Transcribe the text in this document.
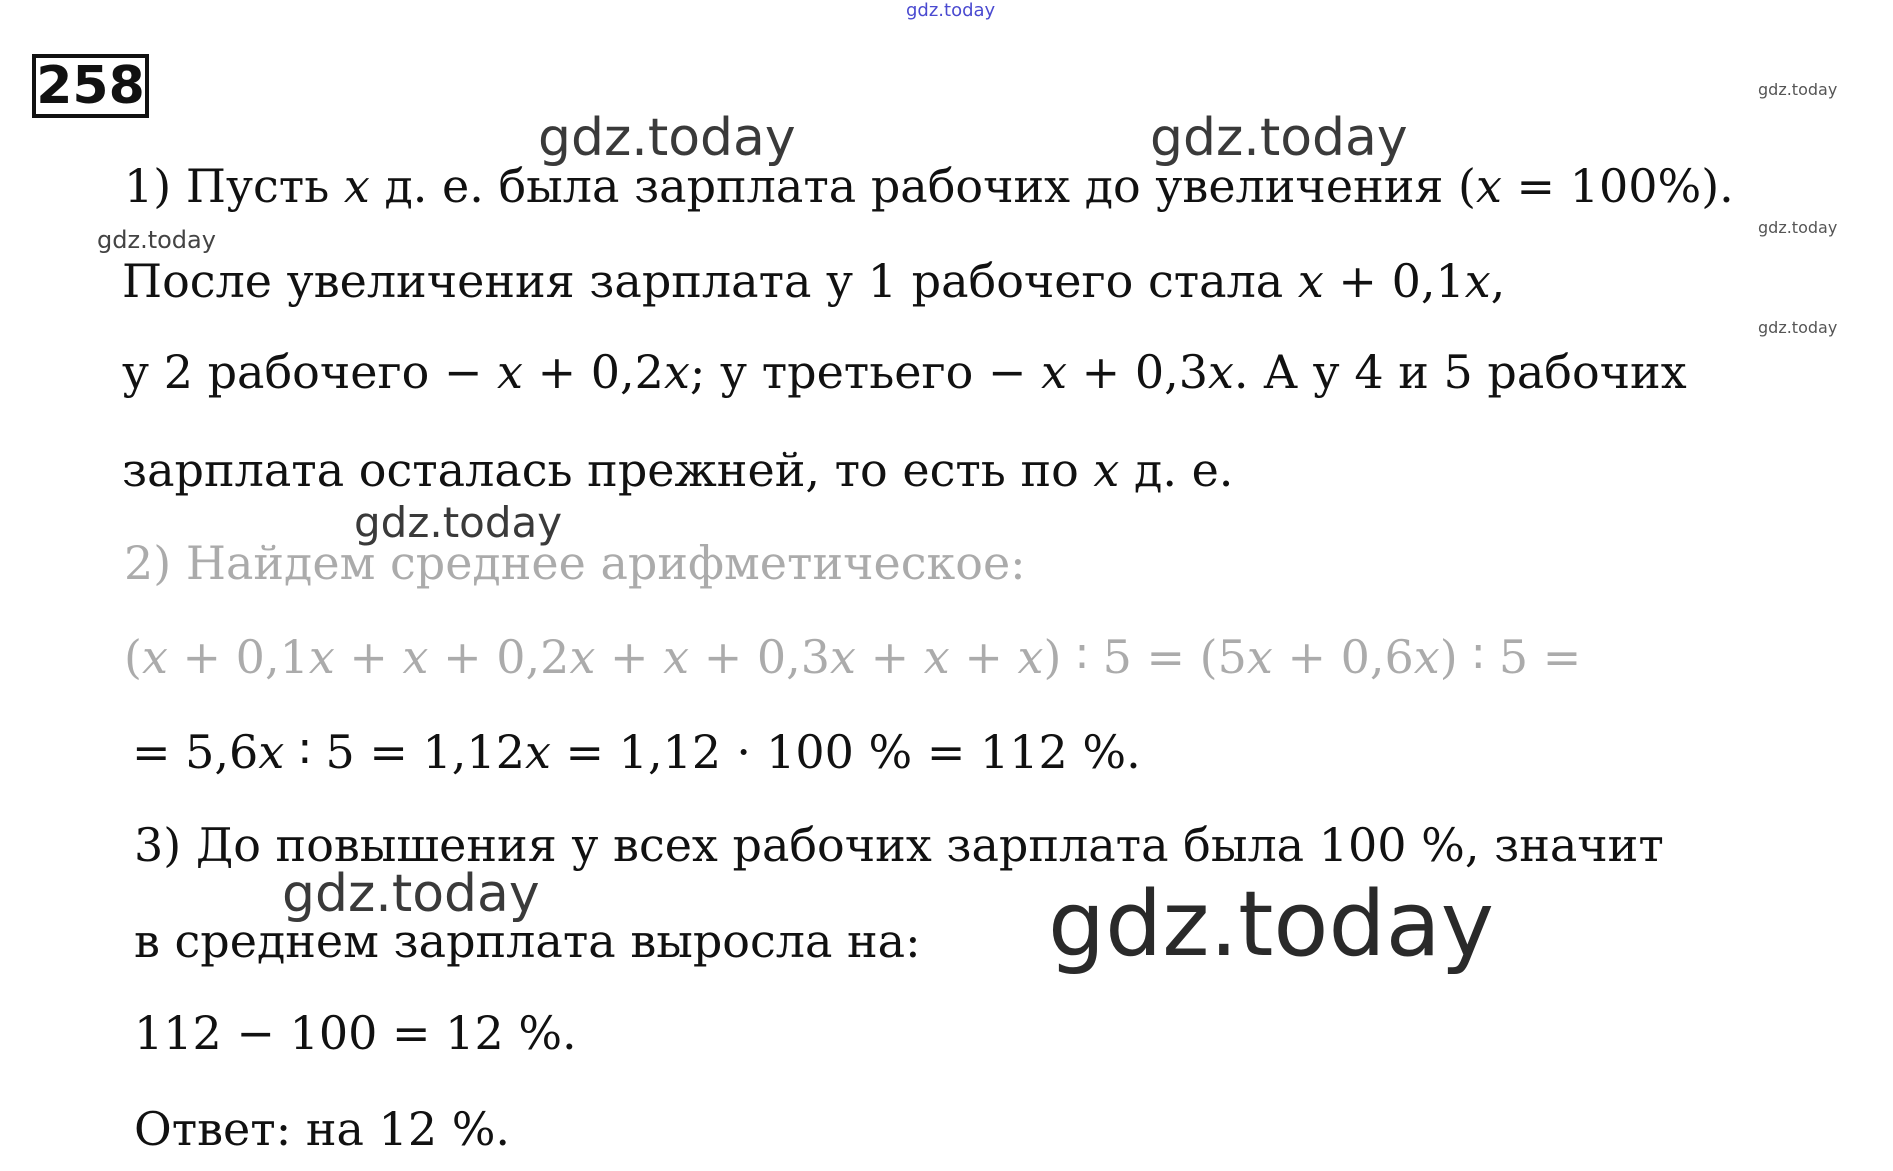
gdz.today
258
1) Пусть 𝑥 д. е. была зарплата рабочих до увеличения (𝑥 = 100%).
После увеличения зарплата у 1 рабочего стала 𝑥 + 0,1𝑥,
у 2 рабочего − 𝑥 + 0,2𝑥; у третьего − 𝑥 + 0,3𝑥. А у 4 и 5 рабочих
зарплата осталась прежней, то есть по 𝑥 д. е.
2) Найдем среднее арифметическое:
(𝑥 + 0,1𝑥 + 𝑥 + 0,2𝑥 + 𝑥 + 0,3𝑥 + 𝑥 + 𝑥) ∶ 5 = (5𝑥 + 0,6𝑥) ∶ 5 =
= 5,6𝑥 ∶ 5 = 1,12𝑥 = 1,12 ⋅ 100 % = 112 %.
3) До повышения у всех рабочих зарплата была 100 %, значит
в среднем зарплата выросла на:
112 − 100 = 12 %.
Ответ: на 12 %.
gdz.today
gdz.today
gdz.today
gdz.today
gdz.today	gdz.today
gdz.today
gdz.today	gdz.today
